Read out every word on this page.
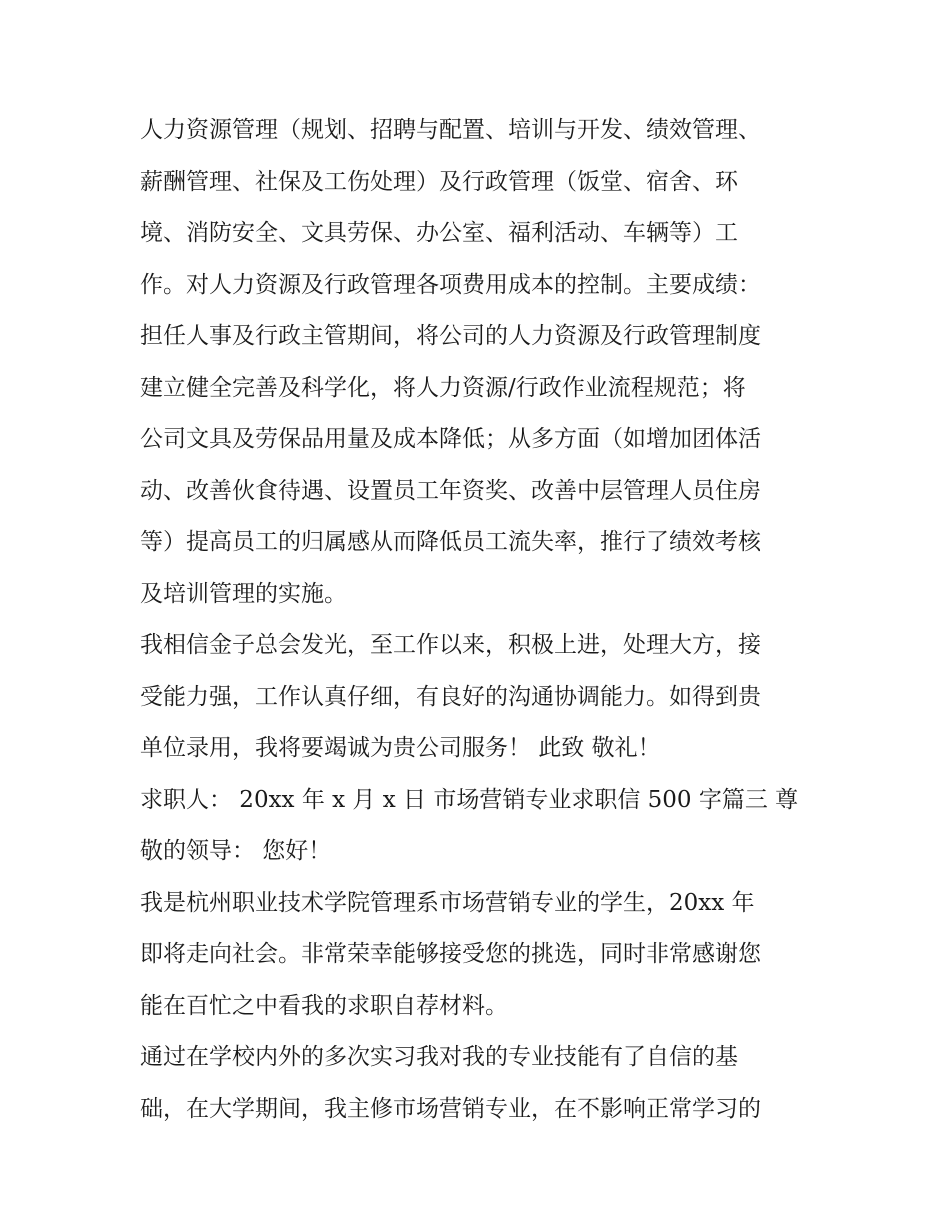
人力资源管理（规划、招聘与配置、培训与开发、绩效管理、
薪酬管理、社保及工伤处理）及行政管理（饭堂、宿舍、环
境、消防安全、文具劳保、办公室、福利活动、车辆等）工
作。对人力资源及行政管理各项费用成本的控制。主要成绩：
担任人事及行政主管期间，将公司的人力资源及行政管理制度
建立健全完善及科学化，将人力资源/行政作业流程规范；将
公司文具及劳保品用量及成本降低；从多方面（如增加团体活
动、改善伙食待遇、设置员工年资奖、改善中层管理人员住房
等）提高员工的归属感从而降低员工流失率，推行了绩效考核
及培训管理的实施。
我相信金子总会发光，至工作以来，积极上进，处理大方，接
受能力强，工作认真仔细，有良好的沟通协调能力。如得到贵
单位录用，我将要竭诚为贵公司服务！ 此致 敬礼！
求职人： 20xx 年 x 月 x 日 市场营销专业求职信 500 字篇三 尊
敬的领导： 您好！
我是杭州职业技术学院管理系市场营销专业的学生，20xx 年
即将走向社会。非常荣幸能够接受您的挑选，同时非常感谢您
能在百忙之中看我的求职自荐材料。
通过在学校内外的多次实习我对我的专业技能有了自信的基
础，在大学期间，我主修市场营销专业，在不影响正常学习的
